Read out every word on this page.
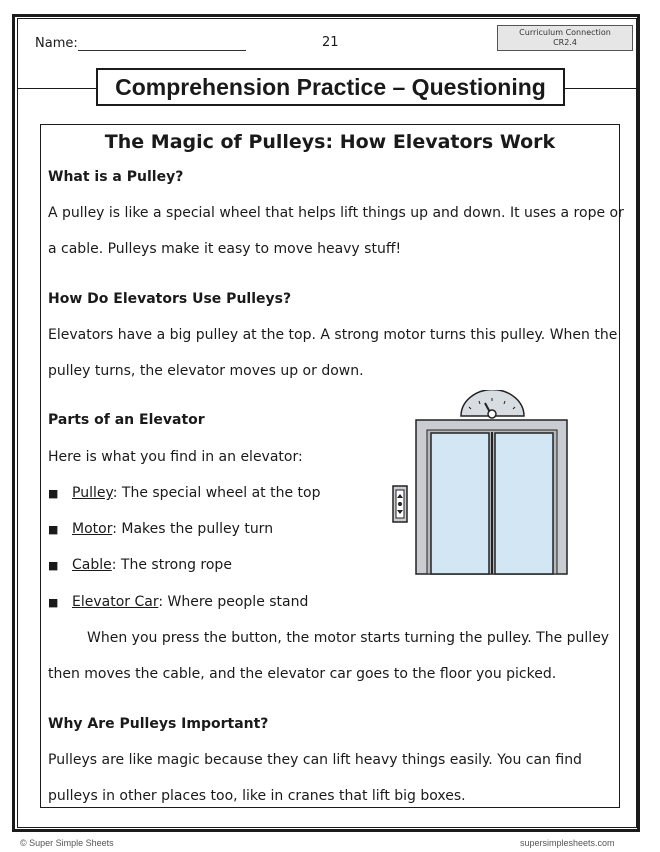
Name:	21
Curriculum Connection
CR2.4
Comprehension Practice – Questioning
The Magic of Pulleys: How Elevators Work
What is a Pulley?
A pulley is like a special wheel that helps lift things up and down. It uses a rope or
a cable. Pulleys make it easy to move heavy stuff!
How Do Elevators Use Pulleys?
Elevators have a big pulley at the top. A strong motor turns this pulley. When the
pulley turns, the elevator moves up or down.
Parts of an Elevator
Here is what you find in an elevator:
■ Pulley: The special wheel at the top
■ Motor: Makes the pulley turn
■ Cable: The strong rope
■ Elevator Car: Where people stand
When you press the button, the motor starts turning the pulley. The pulley
then moves the cable, and the elevator car goes to the floor you picked.
Why Are Pulleys Important?
Pulleys are like magic because they can lift heavy things easily. You can find
pulleys in other places too, like in cranes that lift big boxes.
© Super Simple Sheets	supersimplesheets.com
